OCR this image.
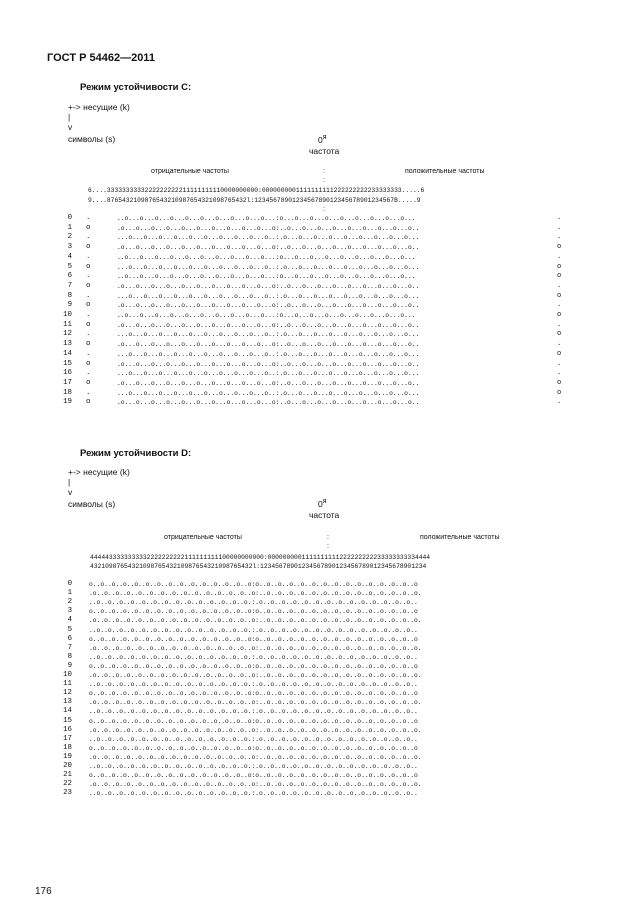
ГОСТ Р 54462—2011
Режим устойчивости C:
+-> несущие (k)
|
v
символы (s)	$0^я$
частота
отрицательные частоты	:	положительные частоты
:
6....3333333333222222222211111111110000000000:0000000001111111111222222222233333333.....6
9....8765432109876543210987654321098765432l:1234567890123456789012345678901234567B.....9
:
0 .	..o...o...o...o...o...o...o...o...o...o...:o...o...o...o...o...o...o...o...o...	.
1 o	.o...o...o...o...o...o...o...o...o...o...o:..o...o...o...o...o...o...o...o...o..	.
2 .	...o...o...o...o...o...o...o...o...o...o..:.o...o...o...o...o...o...o...o...o...	.
3 o	.o...o...o...o...o...o...o...o...o...o...o:..o...o...o...o...o...o...o...o...o..	o
4 .	..o...o...o...o...o...o...o...o...o...o...:o...o...o...o...o...o...o...o...o...	.
5 o	...o...o...o...o...o...o...o...o...o...o..:.o...o...o...o...o...o...o...o...o...	o
6 .	..o...o...o...o...o...o...o...o...o...o...:o...o...o...o...o...o...o...o...o...	o
7 o	.o...o...o...o...o...o...o...o...o...o...o:..o...o...o...o...o...o...o...o...o..	.
8 .	...o...o...o...o...o...o...o...o...o...o..:.o...o...o...o...o...o...o...o...o...	o
9 o	.o...o...o...o...o...o...o...o...o...o...o:..o...o...o...o...o...o...o...o...o..	.
10 .	..o...o...o...o...o...o...o...o...o...o...:o...o...o...o...o...o...o...o...o...	o
11 o	.o...o...o...o...o...o...o...o...o...o...o:..o...o...o...o...o...o...o...o...o..	.
12 .	...o...o...o...o...o...o...o...o...o...o..:.o...o...o...o...o...o...o...o...o...	o
13 o	.o...o...o...o...o...o...o...o...o...o...o:..o...o...o...o...o...o...o...o...o..	.
14 .	...o...o...o...o...o...o...o...o...o...o..:.o...o...o...o...o...o...o...o...o...	o
15 o	.o...o...o...o...o...o...o...o...o...o...o:..o...o...o...o...o...o...o...o...o..	.
16 .	...o...o...o...o...o...o...o...o...o...o..:.o...o...o...o...o...o...o...o...o...	.
17 o	.o...o...o...o...o...o...o...o...o...o...o:..o...o...o...o...o...o...o...o...o..	o
18 .	...o...o...o...o...o...o...o...o...o...o..:.o...o...o...o...o...o...o...o...o...	o
19 o	.o...o...o...o...o...o...o...o...o...o...o:..o...o...o...o...o...o...o...o...o..	.
Режим устойчивости D:
+-> несущие (k)
|
v
символы (s)	$0^я$
частота
отрицательные частоты	:	положительные частоты
:
4444433333333332222222222111111111100000000000:0000000001111111111222222222233333333334444
4321098765432109876543210987654321098765432l:12345678901234567890123456789012345678901234
0	o..o..o..o..o..o..o..o..o..o..o..o..o..o..o:o..o..o..o..o..o..o..o..o..o..o..o..o..o..o
1	.o..o..o..o..o..o..o..o..o..o..o..o..o..o..o:..o..o..o..o..o..o..o..o..o..o..o..o..o..o.
2	..o..o..o..o..o..o..o..o..o..o..o..o..o..o.:.o..o..o..o..o..o..o..o..o..o..o..o..o..o..
3	o..o..o..o..o..o..o..o..o..o..o..o..o..o..o:o..o..o..o..o..o..o..o..o..o..o..o..o..o..o
4	.o..o..o..o..o..o..o..o..o..o..o..o..o..o..o:..o..o..o..o..o..o..o..o..o..o..o..o..o..o.
5	..o..o..o..o..o..o..o..o..o..o..o..o..o..o.:.o..o..o..o..o..o..o..o..o..o..o..o..o..o..
6	o..o..o..o..o..o..o..o..o..o..o..o..o..o..o:o..o..o..o..o..o..o..o..o..o..o..o..o..o..o
7	.o..o..o..o..o..o..o..o..o..o..o..o..o..o..o:..o..o..o..o..o..o..o..o..o..o..o..o..o..o.
8	..o..o..o..o..o..o..o..o..o..o..o..o..o..o.:.o..o..o..o..o..o..o..o..o..o..o..o..o..o..
9	o..o..o..o..o..o..o..o..o..o..o..o..o..o..o:o..o..o..o..o..o..o..o..o..o..o..o..o..o..o
10	.o..o..o..o..o..o..o..o..o..o..o..o..o..o..o:..o..o..o..o..o..o..o..o..o..o..o..o..o..o.
11	..o..o..o..o..o..o..o..o..o..o..o..o..o..o.:.o..o..o..o..o..o..o..o..o..o..o..o..o..o..
12	o..o..o..o..o..o..o..o..o..o..o..o..o..o..o:o..o..o..o..o..o..o..o..o..o..o..o..o..o..o
13	.o..o..o..o..o..o..o..o..o..o..o..o..o..o..o:..o..o..o..o..o..o..o..o..o..o..o..o..o..o.
14	..o..o..o..o..o..o..o..o..o..o..o..o..o..o.:.o..o..o..o..o..o..o..o..o..o..o..o..o..o..
15	o..o..o..o..o..o..o..o..o..o..o..o..o..o..o:o..o..o..o..o..o..o..o..o..o..o..o..o..o..o
16	.o..o..o..o..o..o..o..o..o..o..o..o..o..o..o:..o..o..o..o..o..o..o..o..o..o..o..o..o..o.
17	..o..o..o..o..o..o..o..o..o..o..o..o..o..o.:.o..o..o..o..o..o..o..o..o..o..o..o..o..o..
18	o..o..o..o..o..o..o..o..o..o..o..o..o..o..o:o..o..o..o..o..o..o..o..o..o..o..o..o..o..o
19	.o..o..o..o..o..o..o..o..o..o..o..o..o..o..o:..o..o..o..o..o..o..o..o..o..o..o..o..o..o.
20	..o..o..o..o..o..o..o..o..o..o..o..o..o..o.:.o..o..o..o..o..o..o..o..o..o..o..o..o..o..
21	o..o..o..o..o..o..o..o..o..o..o..o..o..o..o:o..o..o..o..o..o..o..o..o..o..o..o..o..o..o
22	.o..o..o..o..o..o..o..o..o..o..o..o..o..o..o:..o..o..o..o..o..o..o..o..o..o..o..o..o..o.
23	..o..o..o..o..o..o..o..o..o..o..o..o..o..o.:.o..o..o..o..o..o..o..o..o..o..o..o..o..o..
176
